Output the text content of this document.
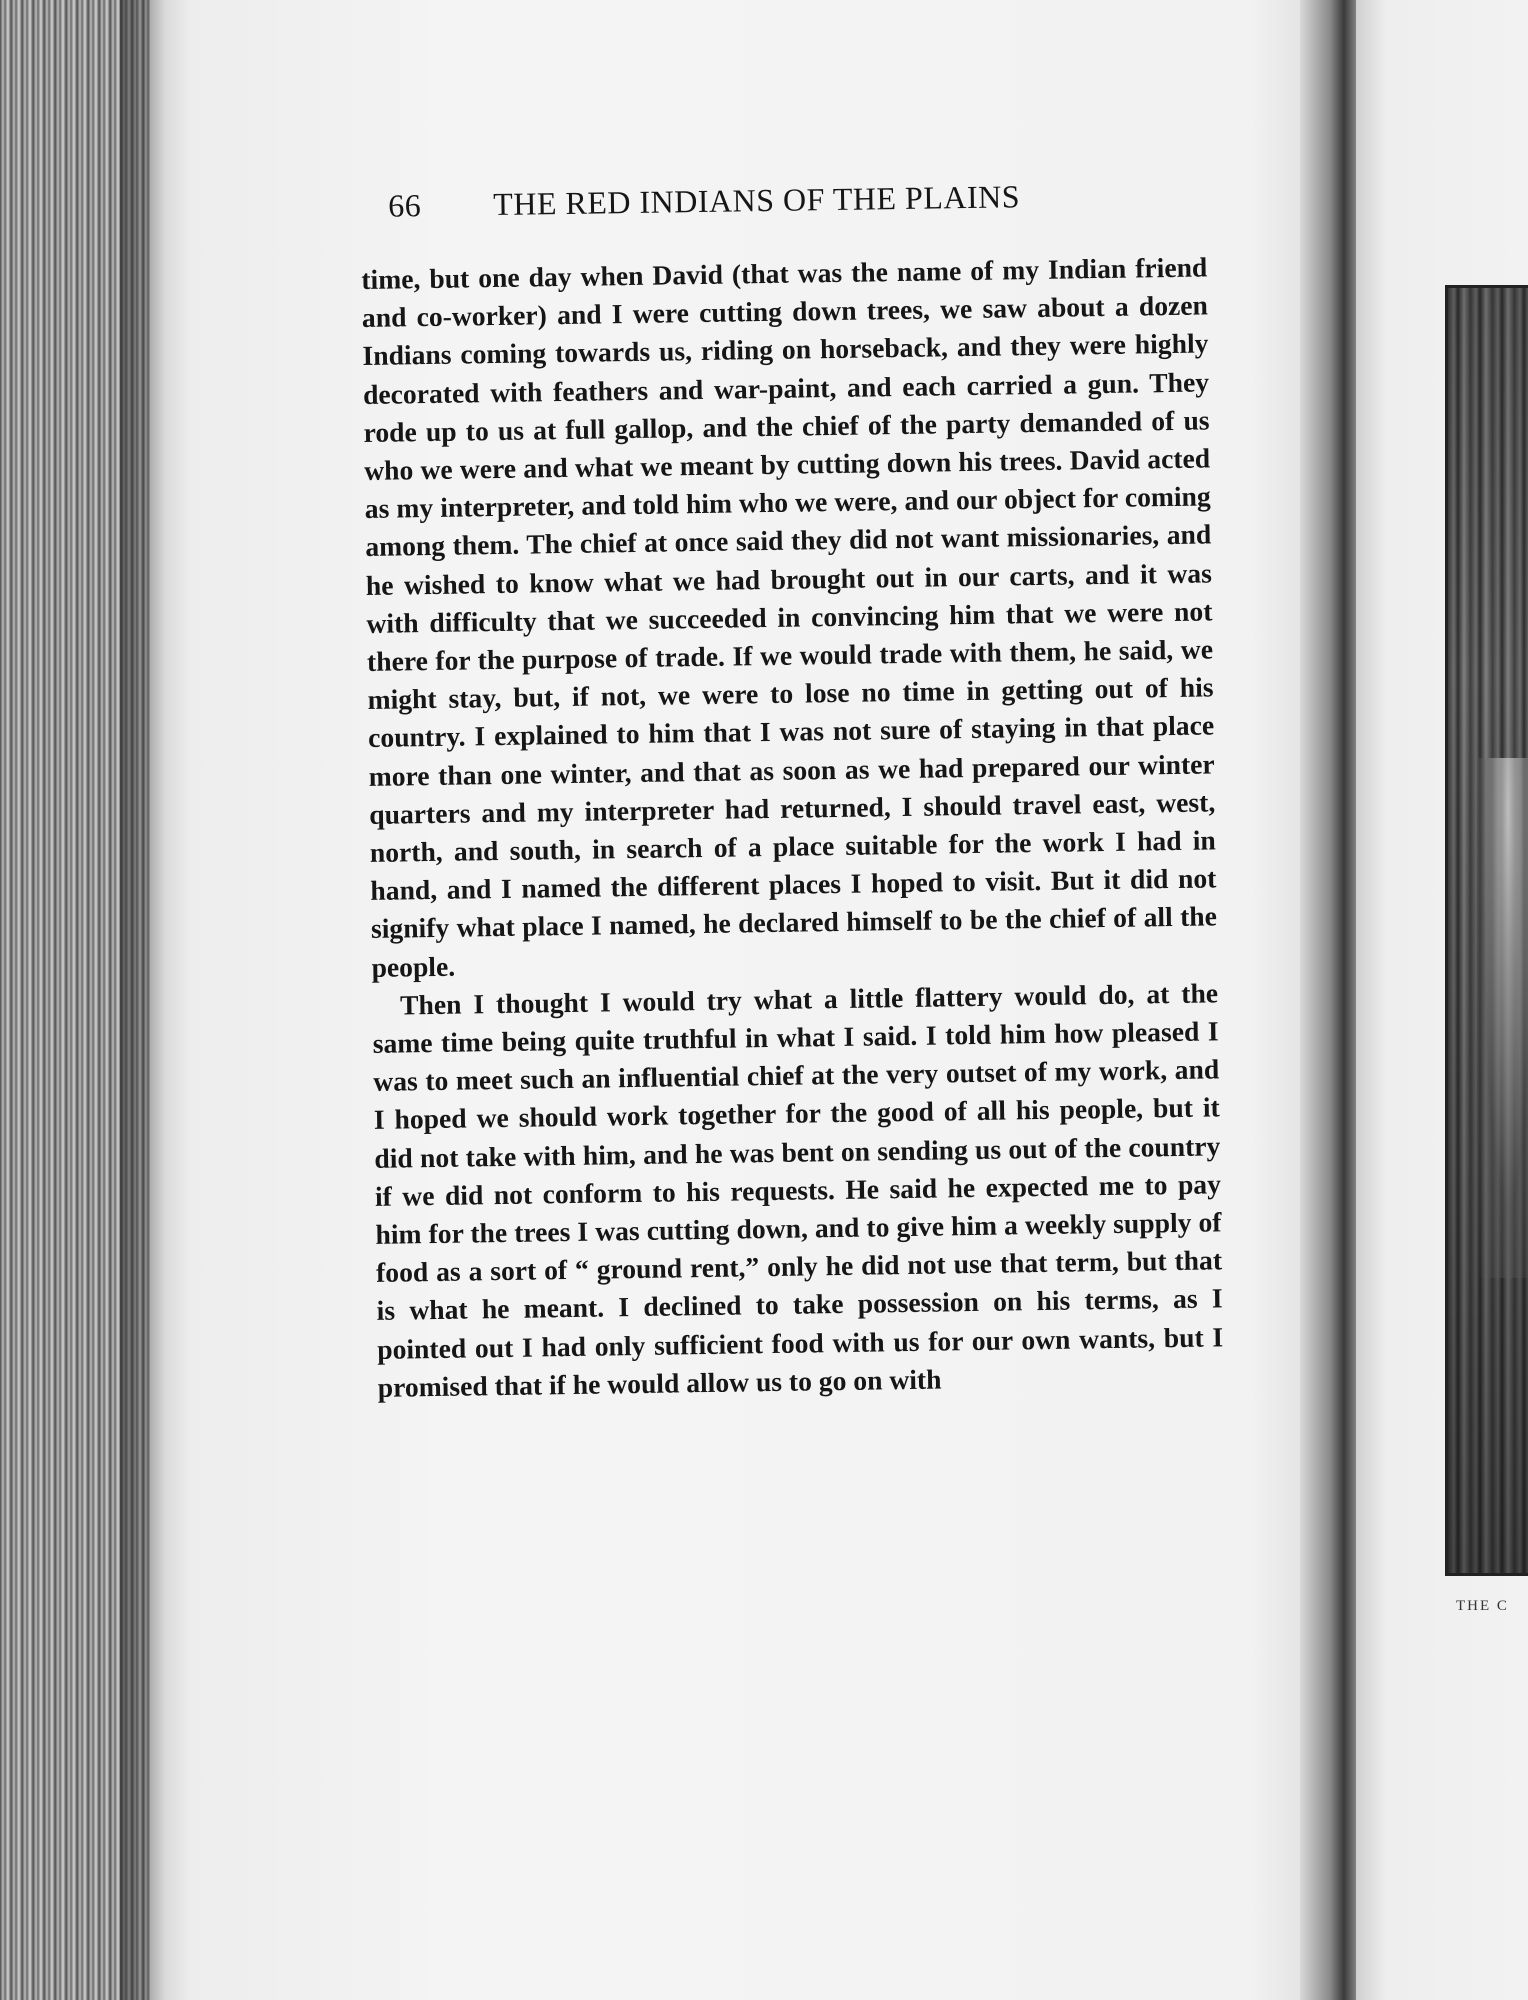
THE C
66 THE RED INDIANS OF THE PLAINS

time, but one day when David (that was the name of my Indian friend and co-worker) and I were cutting down trees, we saw about a dozen Indians coming towards us, riding on horseback, and they were highly decorated with feathers and war-paint, and each carried a gun. They rode up to us at full gallop, and the chief of the party demanded of us who we were and what we meant by cutting down his trees. David acted as my interpreter, and told him who we were, and our object for coming among them. The chief at once said they did not want missionaries, and he wished to know what we had brought out in our carts, and it was with difficulty that we succeeded in convincing him that we were not there for the purpose of trade. If we would trade with them, he said, we might stay, but, if not, we were to lose no time in getting out of his country. I explained to him that I was not sure of staying in that place more than one winter, and that as soon as we had prepared our winter quarters and my interpreter had returned, I should travel east, west, north, and south, in search of a place suitable for the work I had in hand, and I named the different places I hoped to visit. But it did not signify what place I named, he declared himself to be the chief of all the people.

Then I thought I would try what a little flattery would do, at the same time being quite truthful in what I said. I told him how pleased I was to meet such an influential chief at the very outset of my work, and I hoped we should work together for the good of all his people, but it did not take with him, and he was bent on sending us out of the country if we did not conform to his requests. He said he expected me to pay him for the trees I was cutting down, and to give him a weekly supply of food as a sort of “ ground rent,” only he did not use that term, but that is what he meant. I declined to take possession on his terms, as I pointed out I had only sufficient food with us for our own wants, but I promised that if he would allow us to go on with
